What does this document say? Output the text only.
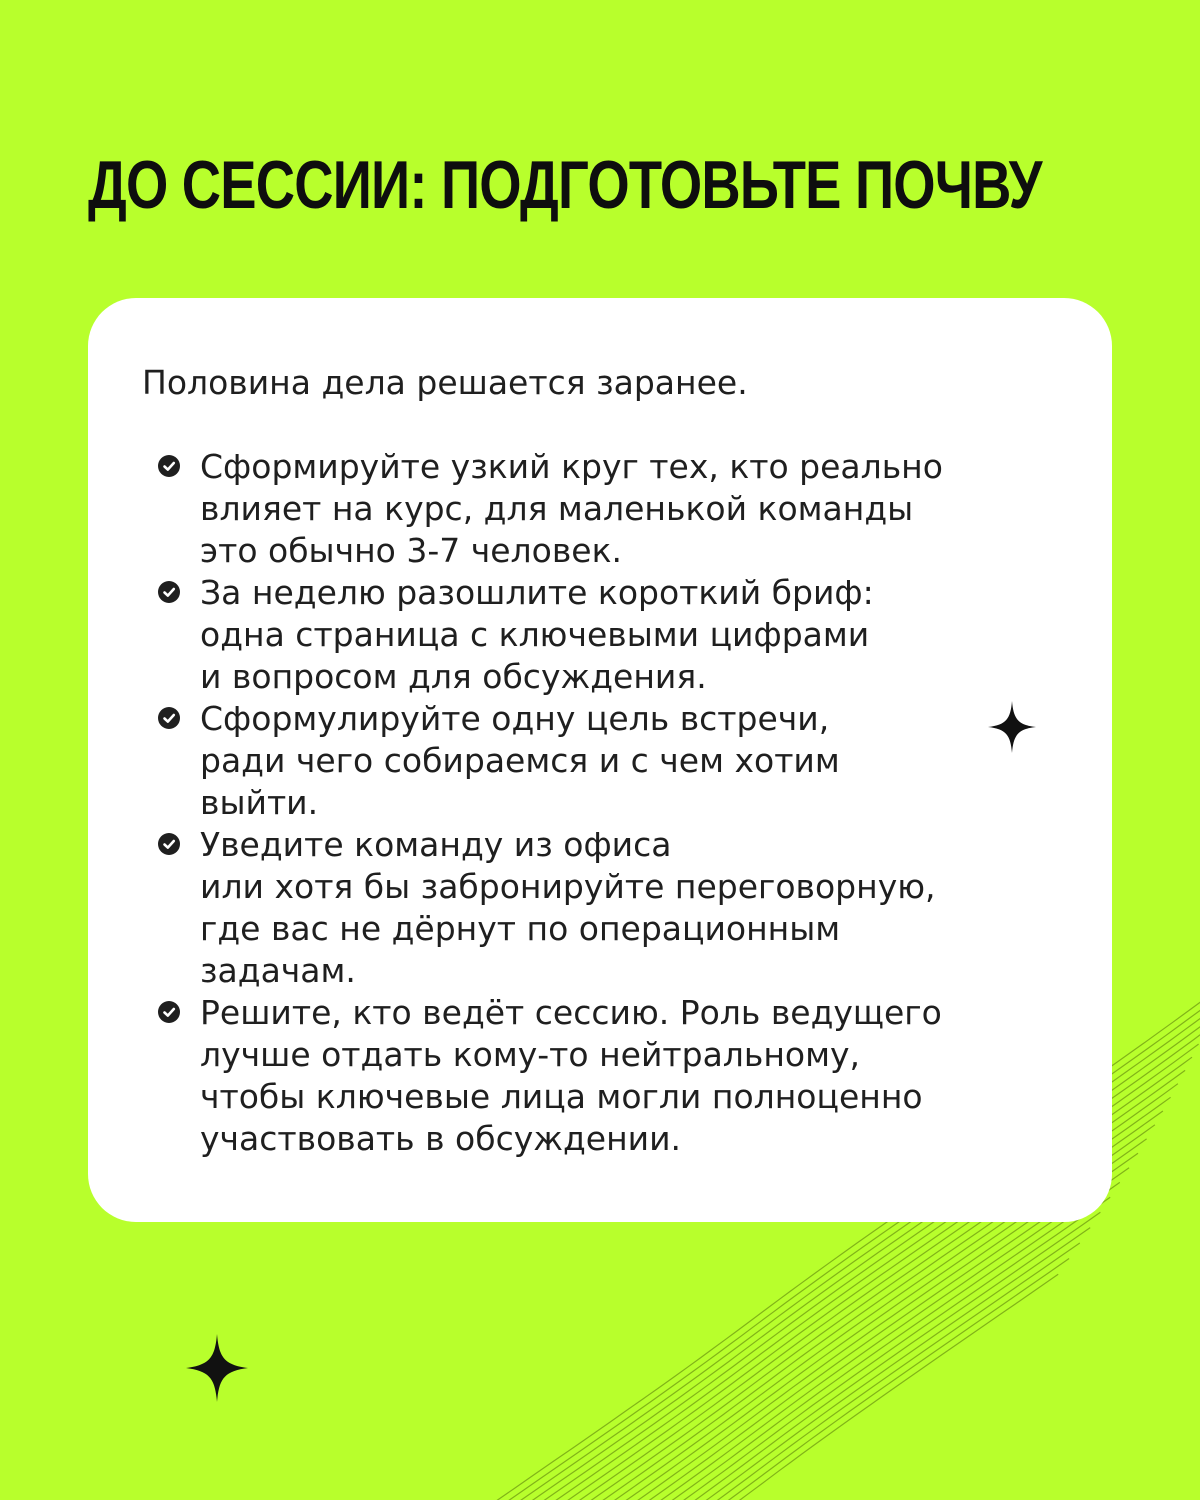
ДО СЕССИИ: ПОДГОТОВЬТЕ ПОЧВУ

Половина дела решается заранее.

Сформируйте узкий круг тех, кто реально
влияет на курс, для маленькой команды
это обычно 3-7 человек.
За неделю разошлите короткий бриф:
одна страница с ключевыми цифрами
и вопросом для обсуждения.
Сформулируйте одну цель встречи,
ради чего собираемся и с чем хотим
выйти.
Уведите команду из офиса
или хотя бы забронируйте переговорную,
где вас не дёрнут по операционным
задачам.
Решите, кто ведёт сессию. Роль ведущего
лучше отдать кому-то нейтральному,
чтобы ключевые лица могли полноценно
участвовать в обсуждении.
